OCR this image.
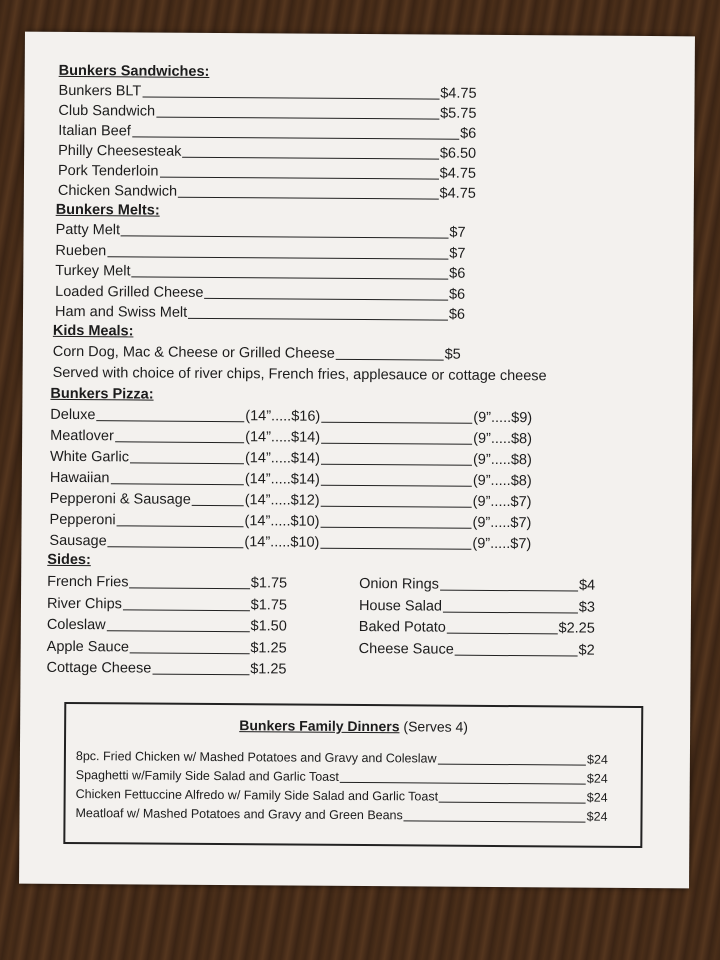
Bunkers Sandwiches:
Bunkers Melts:
Kids Meals:
Corn Dog, Mac & Cheese or Grilled Cheese	$5
Served with choice of river chips, French fries, applesauce or cottage cheese
Bunkers Pizza:
Sides:
Bunkers Family Dinners (Serves 4)
8pc. Fried Chicken w/ Mashed Potatoes and Gravy and Coleslaw	$24
Spaghetti w/Family Side Salad and Garlic Toast	$24
Chicken Fettuccine Alfredo w/ Family Side Salad and Garlic Toast	$24
Meatloaf w/ Mashed Potatoes and Gravy and Green Beans	$24
Bunkers BLT	$4.75
Club Sandwich	$5.75
Italian Beef	$6
Philly Cheesesteak	$6.50
Pork Tenderloin	$4.75
Chicken Sandwich	$4.75
Patty Melt	$7
Rueben	$7
Turkey Melt	$6
Loaded Grilled Cheese	$6
Ham and Swiss Melt	$6
Deluxe	(14”.....$16)	(9”.....$9)
Meatlover	(14”.....$14)	(9”.....$8)
White Garlic	(14”.....$14)	(9”.....$8)
Hawaiian	(14”.....$14)	(9”.....$8)
Pepperoni & Sausage	(14”.....$12)	(9”.....$7)
Pepperoni	(14”.....$10)	(9”.....$7)
Sausage	(14”.....$10)	(9”.....$7)
French Fries	$1.75
River Chips	$1.75
Coleslaw	$1.50
Apple Sauce	$1.25
Cottage Cheese	$1.25
Onion Rings	$4
House Salad	$3
Baked Potato	$2.25
Cheese Sauce	$2
